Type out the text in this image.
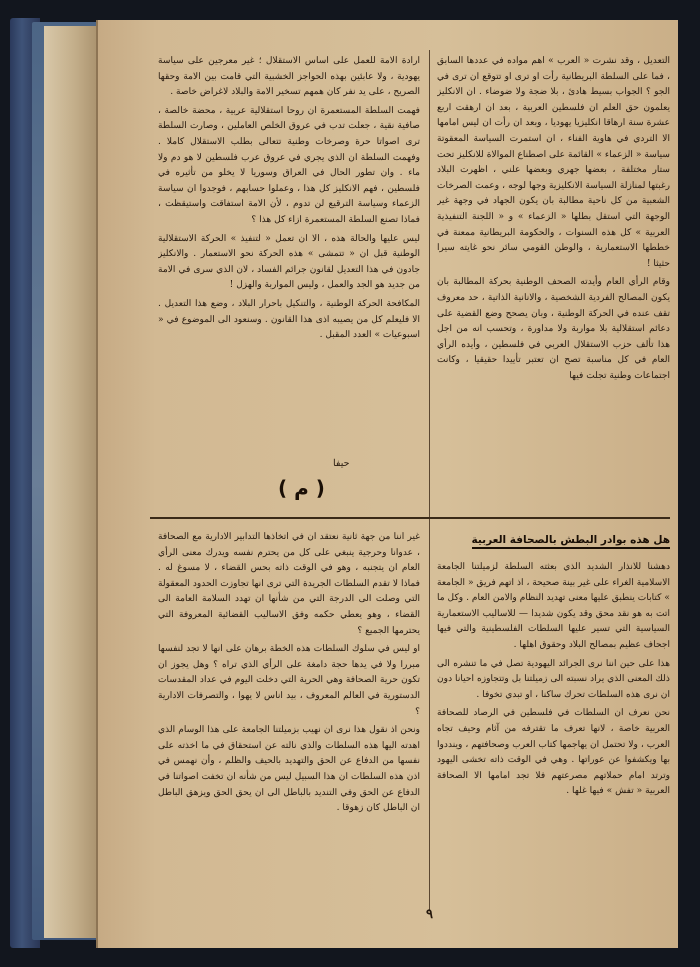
التعديل ، وقد نشرت « العرب » اهم مواده في عددها السابق ، فما على السلطة البريطانية رأت او ترى او تتوقع ان ترى في الجو ؟ الجواب بسيط هادئ ، بلا ضجة ولا ضوضاء . ان الانكليز يعلمون حق العلم ان فلسطين العربية ، بعد ان ارهقت اربع عشرة سنة ارهاقا انكليزيا يهوديا ، وبعد ان رأت ان ليس امامها الا التردي في هاوية الفناء ، ان استمرت السياسة المعقوتة سياسة « الزعماء » القائمة على اصطناع الموالاة للانكليز تحت ستار مختلفة ، بعضها جهري وبعضها علني ، اظهرت البلاد رغبتها لمنازلة السياسة الانكليزية وجها لوجه ، وعمت الصرخات الشعبية من كل ناحية مطالبة بان يكون الجهاد في وجهة غير الوجهة التي استقل بطلها « الزعماء » و « اللجنة التنفيذية العربية » كل هذه السنوات ، والحكومة البريطانية ممعنة في خططها الاستعمارية ، والوطن القومي سائر نحو غايته سيرا حثيثا !

وقام الرأي العام وأيدته الصحف الوطنية بحركة المطالبة بان يكون المصالح الفردية الشخصية ، والانانية الذاتية ، حد معروف تقف عنده في الحركة الوطنية ، وبان يصحح وضع القضية على دعائم استقلالية بلا مواربة ولا مداورة ، وتحسب انه من اجل هذا تألف حزب الاستقلال العربي في فلسطين ، وأيده الرأي العام في كل مناسبة تصح ان تعتبر تأييدا حقيقيا ، وكانت اجتماعات وطنية تجلت فيها

ارادة الامة للعمل على اساس الاستقلال ؛ غير معرجين على سياسة يهودية ، ولا عابئين بهذه الحواجز الخشبية التي قامت بين الامة وحقها الصريح ، على يد نفر كان همهم تسخير الامة والبلاد لاغراض خاصة .

فهمت السلطة المستعمرة ان روحا استقلالية عربية ، محضة خالصة ، صافية نقية ، جعلت تدب في عروق الخلص العاملين ، وصارت السلطة ترى اصواتا حرة وصرخات وطنية تتعالى بطلب الاستقلال كاملا . وفهمت السلطة ان الذي يجري في عروق عرب فلسطين لا هو دم ولا ماء . وان تطور الحال في العراق وسوريا لا يخلو من تأثيره في فلسطين ، فهم الانكليز كل هذا ، وعملوا حسابهم ، فوجدوا ان سياسة الزعماء وسياسة الترقيع لن تدوم ، لأن الامة استفاقت واستيقظت ، فماذا تصنع السلطة المستعمرة ازاء كل هذا ؟

ليس عليها والحالة هذه ، الا ان تعمل « لتنفيذ » الحركة الاستقلالية الوطنية قبل ان « تتمشى » هذه الحركة نحو الاستعمار . والانكليز جادون في هذا التعديل لقانون جرائم الفساد ، لان الذي سرى في الامة من جديد هو الجد والعمل ، وليس المواربة والهزل !

المكافحة الحركة الوطنية ، والتنكيل باحرار البلاد ، وضع هذا التعديل . الا فليعلم كل من يصيبه اذى هذا القانون . وسنعود الى الموضوع في « اسبوعيات » العدد المقبل .

حيفا
( م )
هل هذه بوادر البطش بالصحافة العربية

دهشنا للانذار الشديد الذي بعثته السلطة لزميلتنا الجامعة الاسلامية الغراء على غير بينة صحيحة ، اذ اتهم فريق « الجامعة » كتابات ينطبق عليها معنى تهديد النظام والامن العام . وكل ما اتت به هو نقد محق وقد يكون شديدا — للاساليب الاستعمارية السياسية التي تسير عليها السلطات الفلسطينية والتي فيها اجحاف عظيم بمصالح البلاد وحقوق اهلها .

هذا على حين اننا نرى الجرائد اليهودية تصل في ما تنشره الى ذلك المعنى الذي يراد نسبته الى زميلتنا بل وتتجاوزه احيانا دون ان نرى هذه السلطات تحرك ساكنا ، او تبدي تخوفا .

نحن نعرف ان السلطات في فلسطين في الرصاد للصحافة العربية خاصة ، لانها تعرف ما تقترفه من آثام وحيف تجاه العرب ، ولا تحتمل ان يهاجمها كتاب العرب وصحافتهم ، وينددوا بها ويكشفوا عن عوراتها . وهي في الوقت ذاته تخشى اليهود وترتد امام حملاتهم مصرعتهم فلا تجد امامها الا الصحافة العربية « تفش » فيها غلها .

غير اننا من جهة ثانية نعتقد ان في اتخاذها التدابير الادارية مع الصحافة ، عدوانا وحرجية ينبغي على كل من يحترم نفسه ويدرك معنى الرأي العام ان يتجنبه ، وهو في الوقت ذاته بحس القضاء ، لا مسوغ له . فماذا لا تقدم السلطات الجريدة التي ترى انها تجاوزت الحدود المعقولة التي وصلت الى الدرجة التي من شأنها ان تهدد السلامة العامة الى القضاء ، وهو يعطي حكمه وفق الاساليب القضائية المعروفة التي يحترمها الجميع ؟

او ليس في سلوك السلطات هذه الخطة برهان على انها لا تجد لنفسها مبررا ولا في يدها حجة دامغة على الرأي الذي تراه ؟ وهل يجوز ان تكون حرية الصحافة وهي الحرية التي دخلت اليوم في عداد المقدسات الدستورية في العالم المعروف ، بيد اناس لا يهوا ، والتصرفات الادارية ؟

ونحن اذ نقول هذا نرى ان نهيب بزميلتنا الجامعة على هذا الوسام الذي اهدته اليها هذه السلطات والذي نالته عن استحقاق في ما اخذته على نفسها من الدفاع عن الحق والتهديد بالحيف والظلم ، وأن نهمس في اذن هذه السلطات ان هذا السبيل ليس من شأنه ان تخفت اصواتنا في الدفاع عن الحق وفي التنديد بالباطل الى ان يحق الحق ويزهق الباطل ان الباطل كان زهوقا .

٩
